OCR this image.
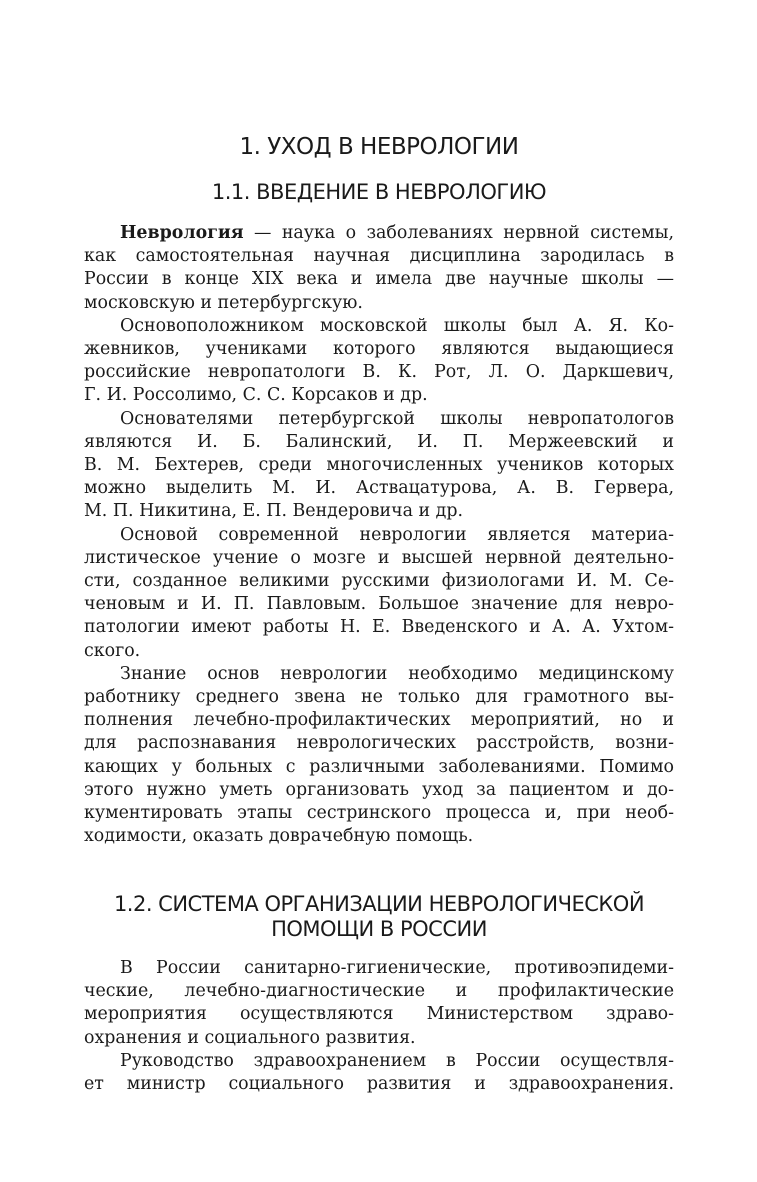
1. УХОД В НЕВРОЛОГИИ
1.1. ВВЕДЕНИЕ В НЕВРОЛОГИЮ
Неврология — наука о заболеваниях нервной системы,
как самостоятельная научная дисциплина зародилась в
России в конце XIX века и имела две научные школы —
московскую и петербургскую.
Основоположником московской школы был А. Я. Ко-
жевников, учениками которого являются выдающиеся
российские невропатологи В. К. Рот, Л. О. Даркшевич,
Г. И. Россолимо, С. С. Корсаков и др.
Основателями петербургской школы невропатологов
являются И. Б. Балинский, И. П. Мержеевский и
В. М. Бехтерев, среди многочисленных учеников которых
можно выделить М. И. Аствацатурова, А. В. Гервера,
М. П. Никитина, Е. П. Вендеровича и др.
Основой современной неврологии является материа-
листическое учение о мозге и высшей нервной деятельно-
сти, созданное великими русскими физиологами И. М. Се-
ченовым и И. П. Павловым. Большое значение для невро-
патологии имеют работы Н. Е. Введенского и А. А. Ухтом-
ского.
Знание основ неврологии необходимо медицинскому
работнику среднего звена не только для грамотного вы-
полнения лечебно-профилактических мероприятий, но и
для распознавания неврологических расстройств, возни-
кающих у больных с различными заболеваниями. Помимо
этого нужно уметь организовать уход за пациентом и до-
кументировать этапы сестринского процесса и, при необ-
ходимости, оказать доврачебную помощь.
1.2. СИСТЕМА ОРГАНИЗАЦИИ НЕВРОЛОГИЧЕСКОЙ
ПОМОЩИ В РОССИИ
В России санитарно-гигиенические, противоэпидеми-
ческие, лечебно-диагностические и профилактические
мероприятия осуществляются Министерством здраво-
охранения и социального развития.
Руководство здравоохранением в России осуществля-
ет министр социального развития и здравоохранения.
